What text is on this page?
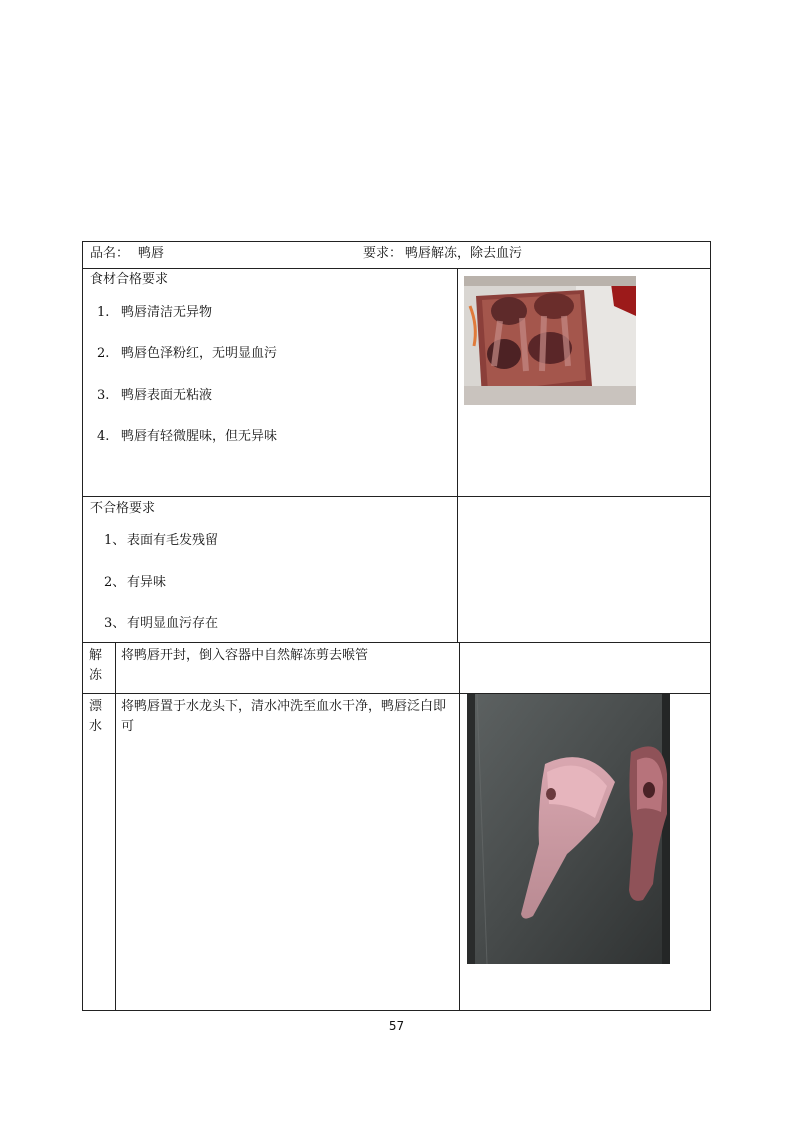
品名： 鸭唇	要求： 鸭唇解冻，除去血污
食材合格要求
1. 鸭唇清洁无异物
2. 鸭唇色泽粉红，无明显血污
3. 鸭唇表面无粘液
4. 鸭唇有轻微腥味，但无异味
不合格要求
1、 表面有毛发残留
2、 有异味
3、 有明显血污存在
解冻
将鸭唇开封，倒入容器中自然解冻剪去喉管
漂水
将鸭唇置于水龙头下，清水冲洗至血水干净，鸭唇泛白即可
57
